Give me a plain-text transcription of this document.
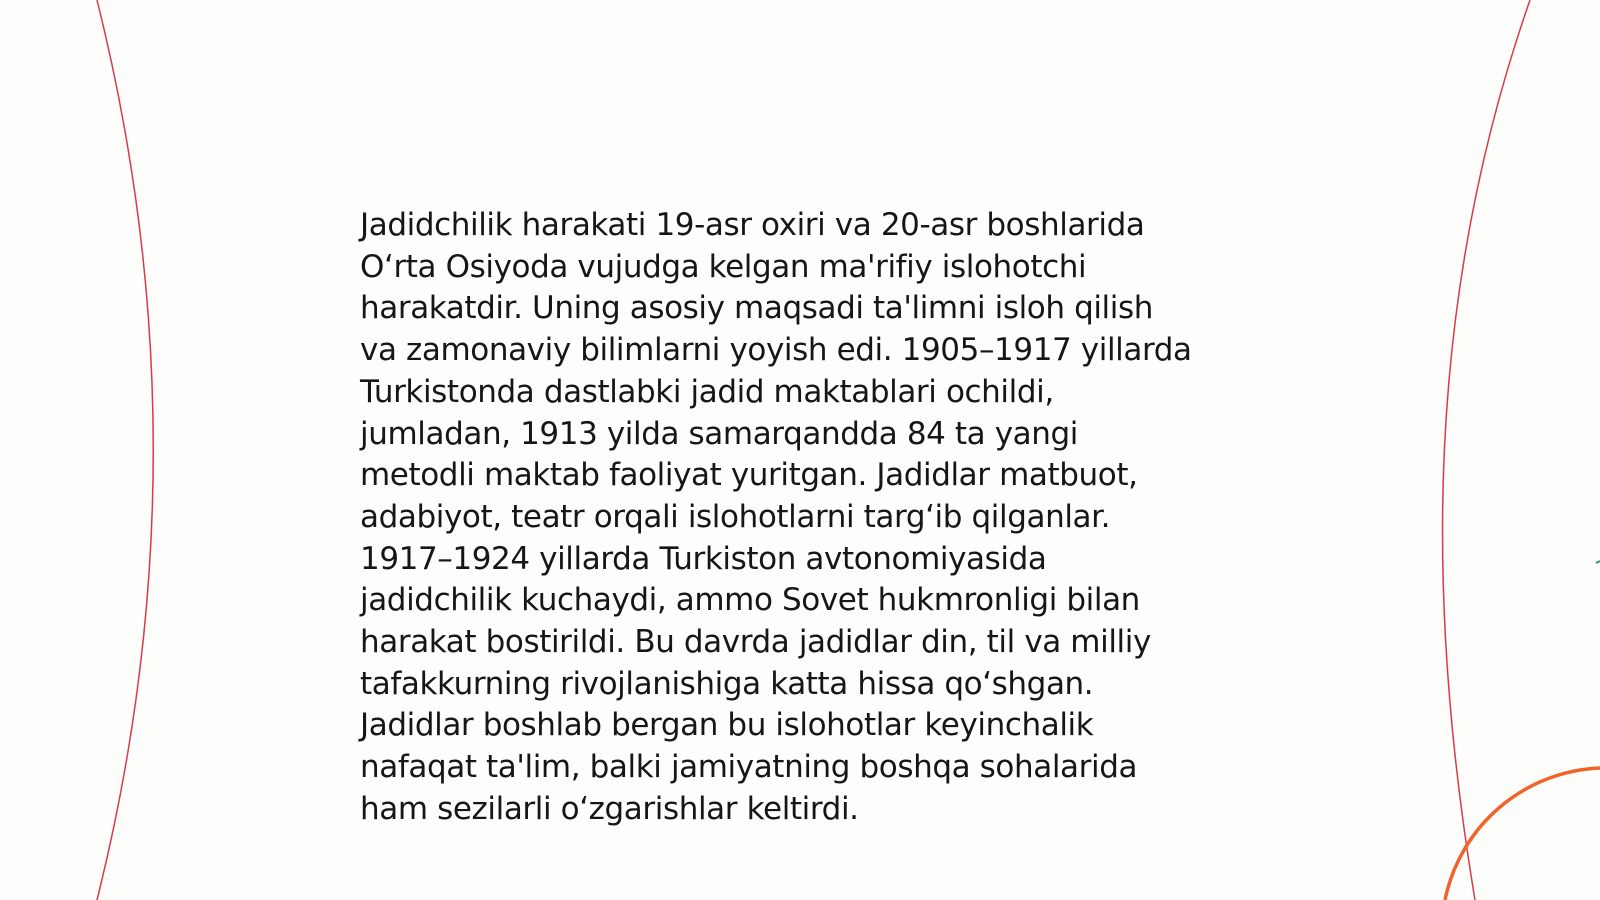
Jadidchilik harakati 19-asr oxiri va 20-asr boshlarida
O‘rta Osiyoda vujudga kelgan ma'rifiy islohotchi
harakatdir. Uning asosiy maqsadi ta'limni isloh qilish
va zamonaviy bilimlarni yoyish edi. 1905–1917 yillarda
Turkistonda dastlabki jadid maktablari ochildi,
jumladan, 1913 yilda samarqandda 84 ta yangi
metodli maktab faoliyat yuritgan. Jadidlar matbuot,
adabiyot, teatr orqali islohotlarni targ‘ib qilganlar.
1917–1924 yillarda Turkiston avtonomiyasida
jadidchilik kuchaydi, ammo Sovet hukmronligi bilan
harakat bostirildi. Bu davrda jadidlar din, til va milliy
tafakkurning rivojlanishiga katta hissa qo‘shgan.
Jadidlar boshlab bergan bu islohotlar keyinchalik
nafaqat ta'lim, balki jamiyatning boshqa sohalarida
ham sezilarli o‘zgarishlar keltirdi.
